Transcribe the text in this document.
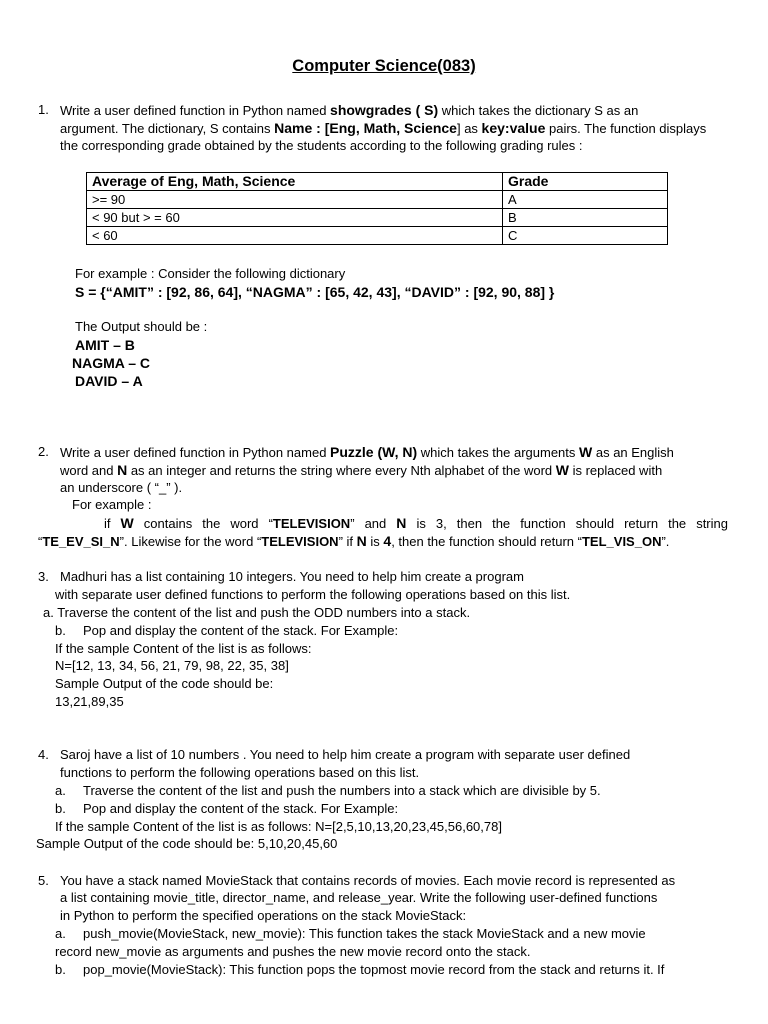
Computer Science(083)
1. Write a user defined function in Python named showgrades ( S) which takes the dictionary S as an
argument. The dictionary, S contains Name : [Eng, Math, Science] as key:value pairs. The function displays
the corresponding grade obtained by the students according to the following grading rules :
Average of Eng, Math, Science	Grade
>= 90	A
< 90 but > = 60	B
< 60	C
For example : Consider the following dictionary
S = {“AMIT” : [92, 86, 64], “NAGMA” : [65, 42, 43], “DAVID” : [92, 90, 88] }
The Output should be :
AMIT – B
NAGMA – C
DAVID – A
2. Write a user defined function in Python named Puzzle (W, N) which takes the arguments W as an English
word and N as an integer and returns the string where every Nth alphabet of the word W is replaced with
an underscore ( “_” ).
For example :
if W contains the word “TELEVISION” and N is 3, then the function should return the string
“TE_EV_SI_N”. Likewise for the word “TELEVISION” if N is 4, then the function should return “TEL_VIS_ON”.
3. Madhuri has a list containing 10 integers. You need to help him create a program
with separate user defined functions to perform the following operations based on this list.
a. Traverse the content of the list and push the ODD numbers into a stack.
b. Pop and display the content of the stack. For Example:
If the sample Content of the list is as follows:
N=[12, 13, 34, 56, 21, 79, 98, 22, 35, 38]
Sample Output of the code should be:
13,21,89,35
4. Saroj have a list of 10 numbers . You need to help him create a program with separate user defined
functions to perform the following operations based on this list.
a. Traverse the content of the list and push the numbers into a stack which are divisible by 5.
b. Pop and display the content of the stack. For Example:
If the sample Content of the list is as follows: N=[2,5,10,13,20,23,45,56,60,78]
Sample Output of the code should be: 5,10,20,45,60
5. You have a stack named MovieStack that contains records of movies. Each movie record is represented as
a list containing movie_title, director_name, and release_year. Write the following user-defined functions
in Python to perform the specified operations on the stack MovieStack:
a. push_movie(MovieStack, new_movie): This function takes the stack MovieStack and a new movie
record new_movie as arguments and pushes the new movie record onto the stack.
b. pop_movie(MovieStack): This function pops the topmost movie record from the stack and returns it. If
